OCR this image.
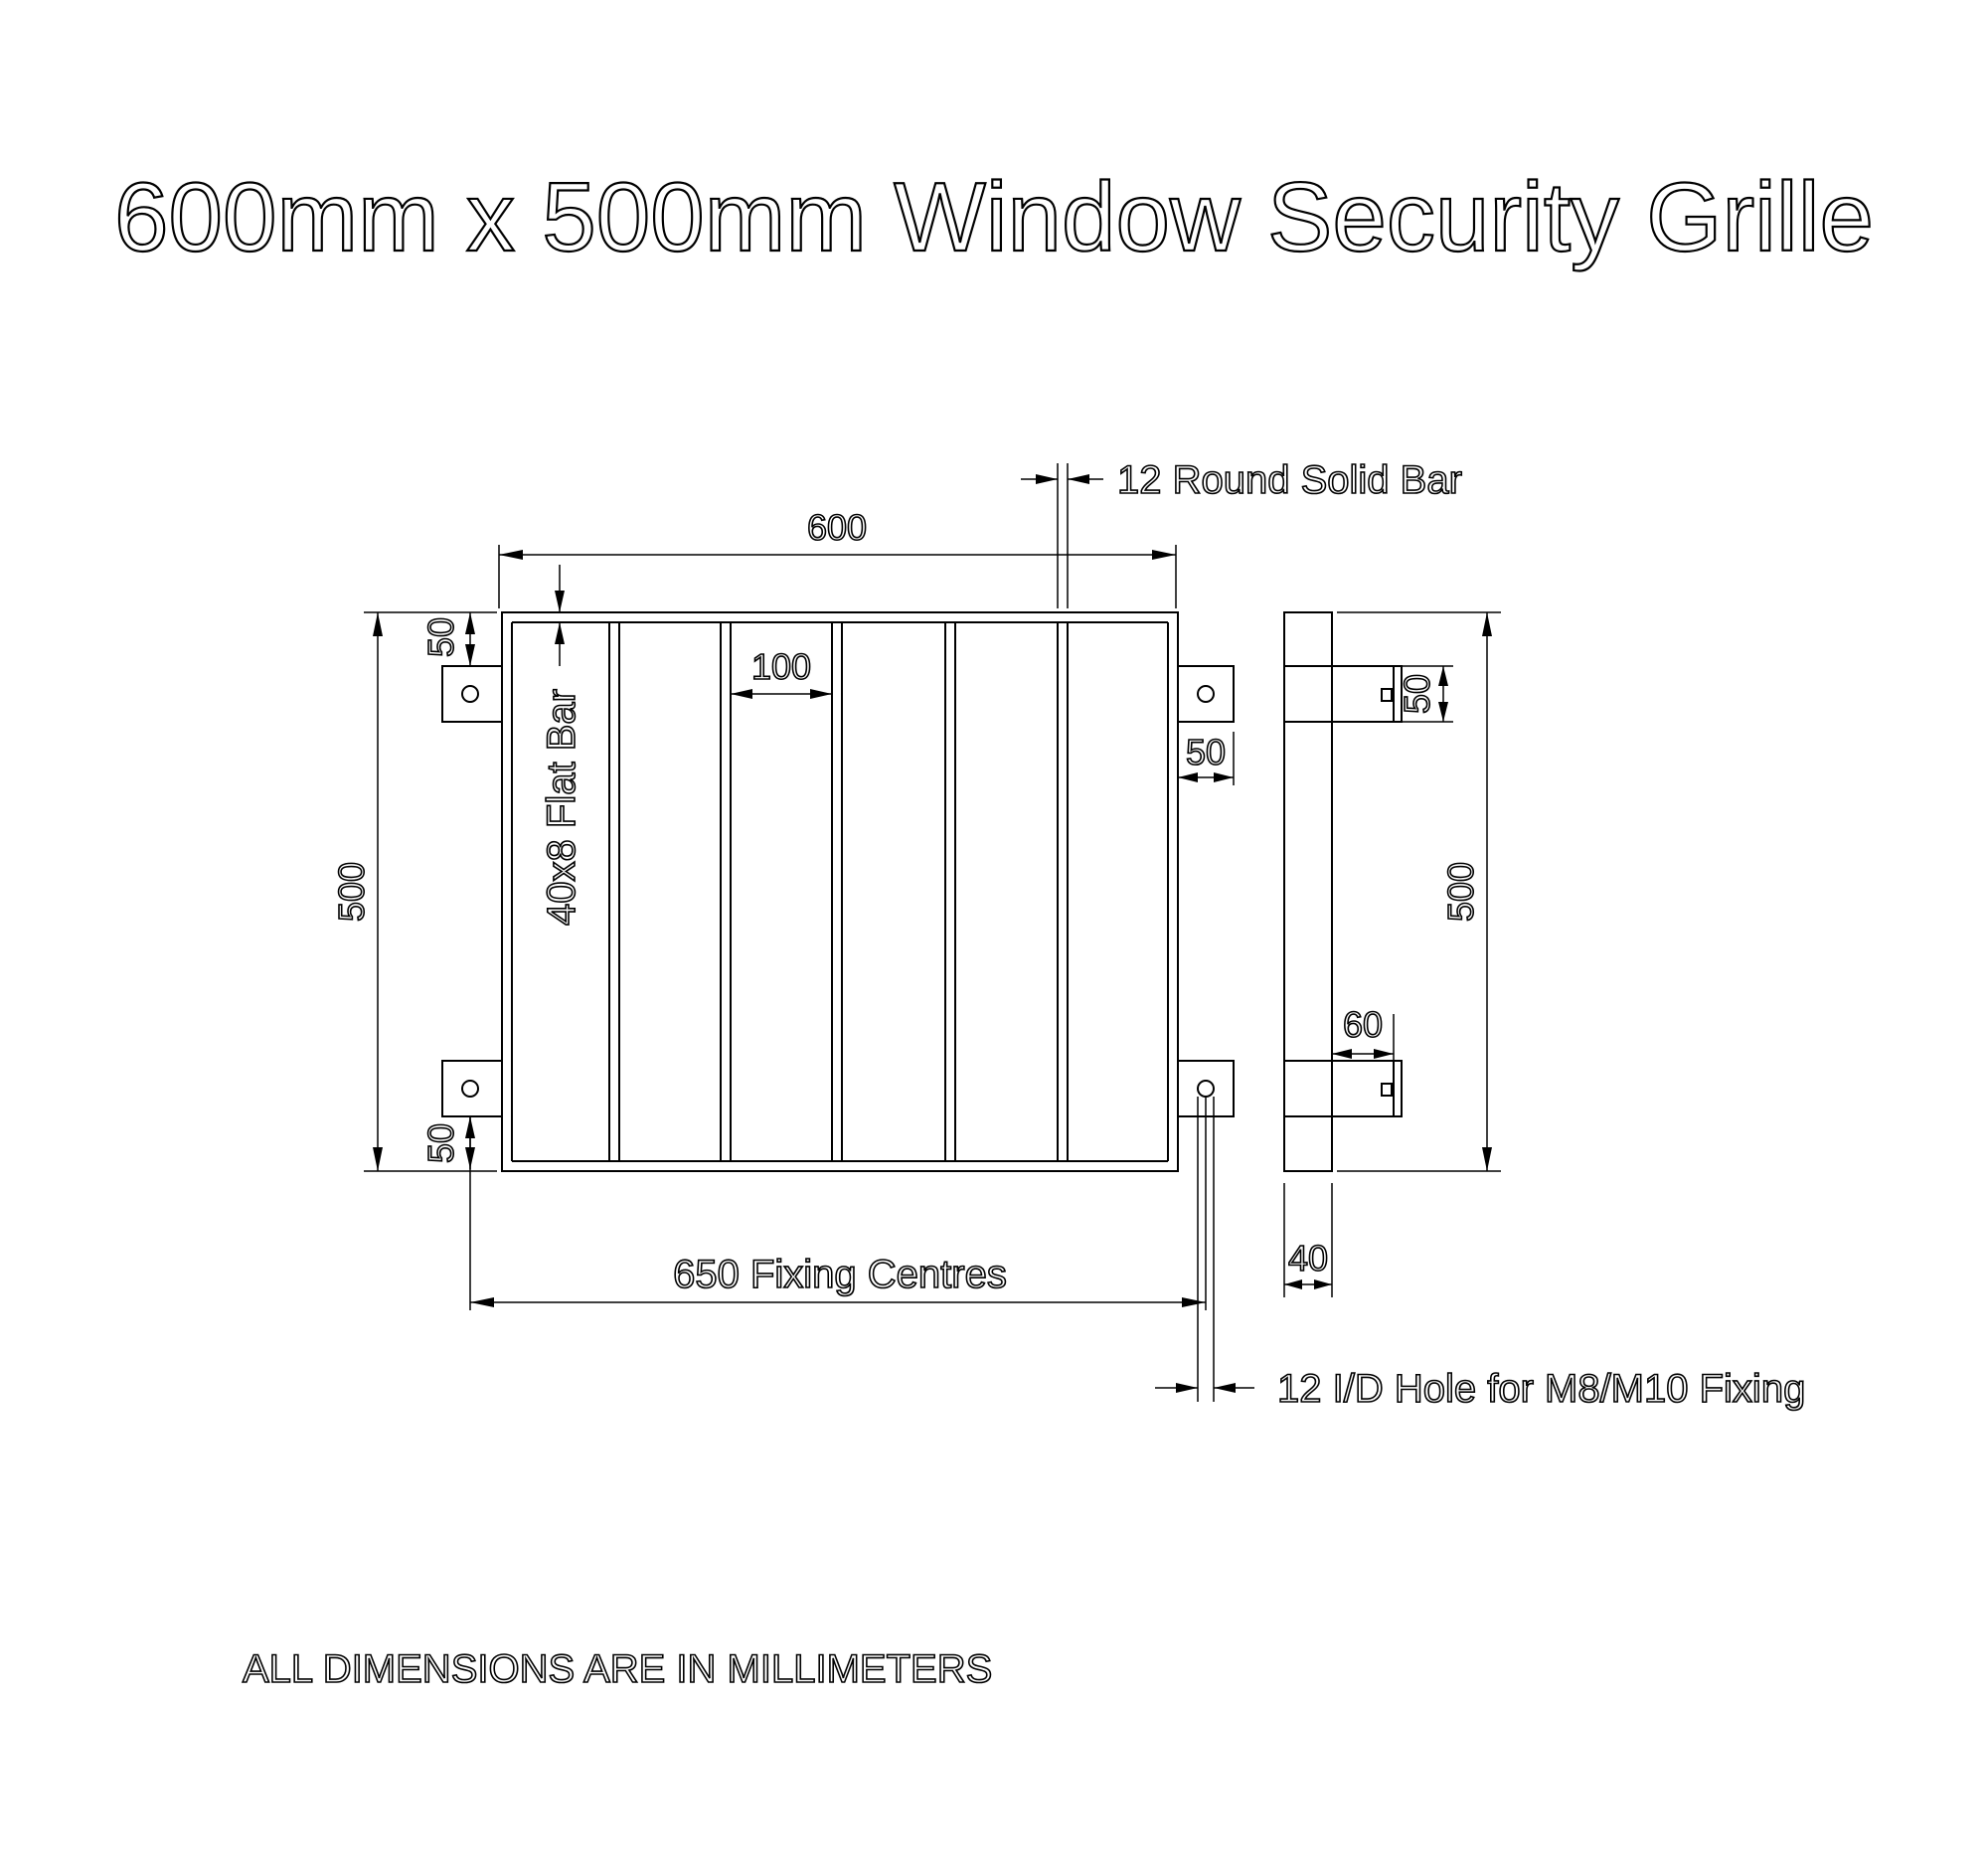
600mm x 500mm Window Security Grille
600
12 Round Solid Bar
50
50
500	40x8 Flat Bar
100
50
650 Fixing Centres
12 I/D Hole for M8/M10 Fixing
50
500
60
40
ALL DIMENSIONS ARE IN MILLIMETERS
